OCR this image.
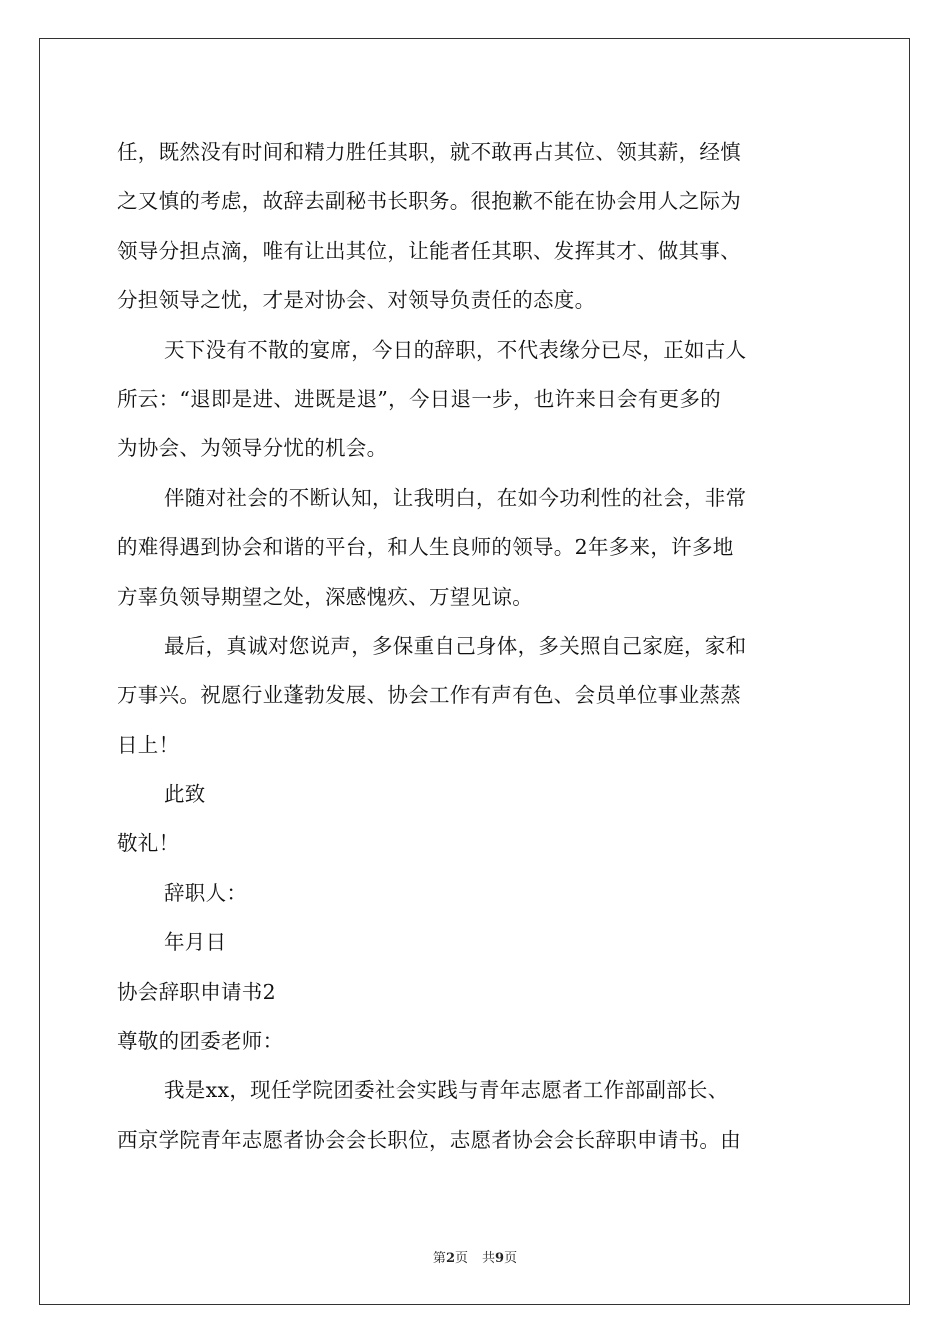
任，既然没有时间和精力胜任其职，就不敢再占其位、领其薪，经慎
之又慎的考虑，故辞去副秘书长职务。很抱歉不能在协会用人之际为
领导分担点滴，唯有让出其位，让能者任其职、发挥其才、做其事、
分担领导之忧，才是对协会、对领导负责任的态度。
天下没有不散的宴席，今日的辞职，不代表缘分已尽，正如古人
所云：“退即是进、进既是退”，今日退一步，也许来日会有更多的
为协会、为领导分忧的机会。
伴随对社会的不断认知，让我明白，在如今功利性的社会，非常
的难得遇到协会和谐的平台，和人生良师的领导。2年多来，许多地
方辜负领导期望之处，深感愧疚、万望见谅。
最后，真诚对您说声，多保重自己身体，多关照自己家庭，家和
万事兴。祝愿行业蓬勃发展、协会工作有声有色、会员单位事业蒸蒸
日上！
此致
敬礼！
辞职人：
年月日
协会辞职申请书2
尊敬的团委老师：
我是xx，现任学院团委社会实践与青年志愿者工作部副部长、
西京学院青年志愿者协会会长职位，志愿者协会会长辞职申请书。由
第2页 共9页
